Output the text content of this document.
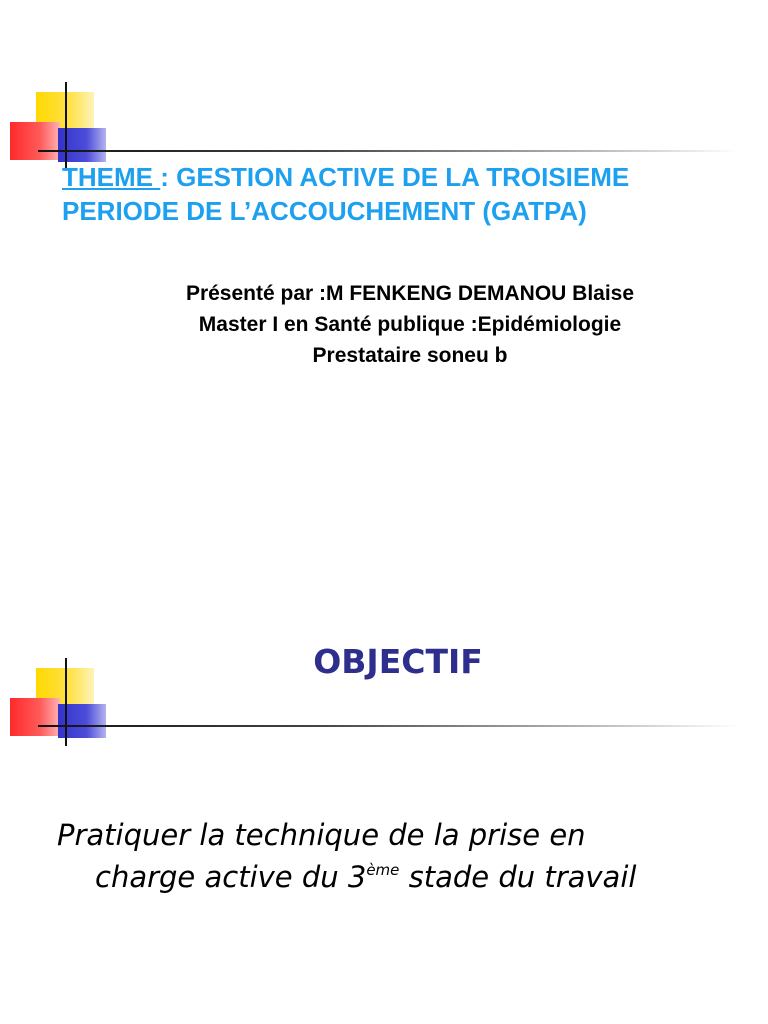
THEME : GESTION ACTIVE DE LA TROISIEME
PERIODE DE L’ACCOUCHEMENT (GATPA)
Présenté par :M FENKENG DEMANOU Blaise
Master I en Santé publique :Epidémiologie
Prestataire soneu b
OBJECTIF
Pratiquer la technique de la prise en
charge active du 3ème stade du travail
